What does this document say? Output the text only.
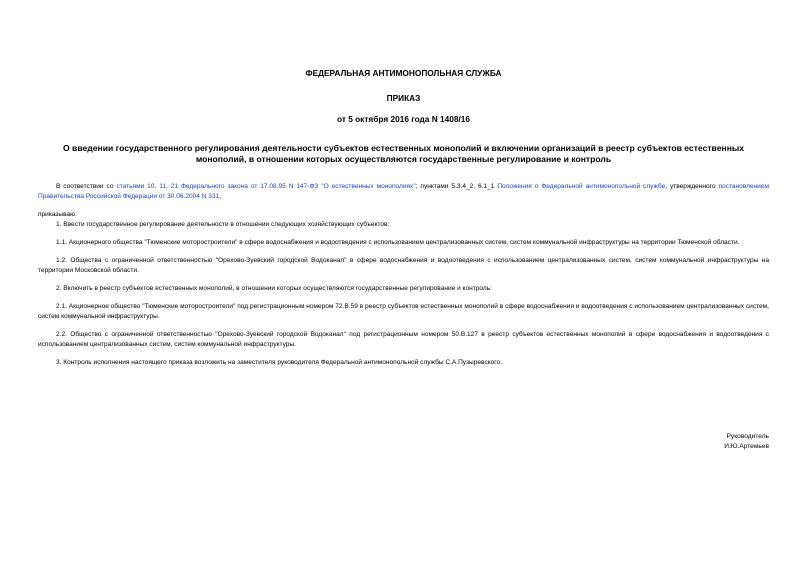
ФЕДЕРАЛЬНАЯ АНТИМОНОПОЛЬНАЯ СЛУЖБА
ПРИКАЗ
от 5 октября 2016 года N 1408/16
О введении государственного регулирования деятельности субъектов естественных монополий и включении организаций в реестр субъектов естественных монополий, в отношении которых осуществляются государственные регулирование и контроль

В соответствии со статьями 10, 11, 21 Федерального закона от 17.08.95 N 147-ФЗ "О естественных монополиях"; пунктами 5.3.4_2, 6.1_1 Положения о Федеральной антимонопольной службе, утвержденного постановлением Правительства Российской Федерации от 30.06.2004 N 331,

приказываю:

1. Ввести государственное регулирование деятельности в отношении следующих хозяйствующих субъектов:

1.1. Акционерного общества "Тюменские моторостроители" в сфере водоснабжения и водоотведения с использованием централизованных систем, систем коммунальной инфраструктуры на территории Тюменской области.

1.2. Общества с ограниченной ответственностью "Орехово-Зуевский городской Водоканал" в сфере водоснабжения и водоотведения с использованием централизованных систем, систем коммунальной инфраструктуры на территории Московской области.

2. Включить в реестр субъектов естественных монополий, в отношении которых осуществляются государственные регулирование и контроль:

2.1. Акционерное общество "Тюменские моторостроители" под регистрационным номером 72.В.59 в реестр субъектов естественных монополий в сфере водоснабжения и водоотведения с использованием централизованных систем, систем коммунальной инфраструктуры.

2.2. Общество с ограниченной ответственностью "Орехово-Зуевский городской Водоканал" под регистрационным номером 50.В.127 в реестр субъектов естественных монополий в сфере водоснабжения и водоотведения с использованием централизованных систем, систем коммунальной инфраструктуры.

3. Контроль исполнения настоящего приказа возложить на заместителя руководителя Федеральной антимонопольной службы С.А.Пузыревского.

Руководитель
И.Ю.Артемьев
